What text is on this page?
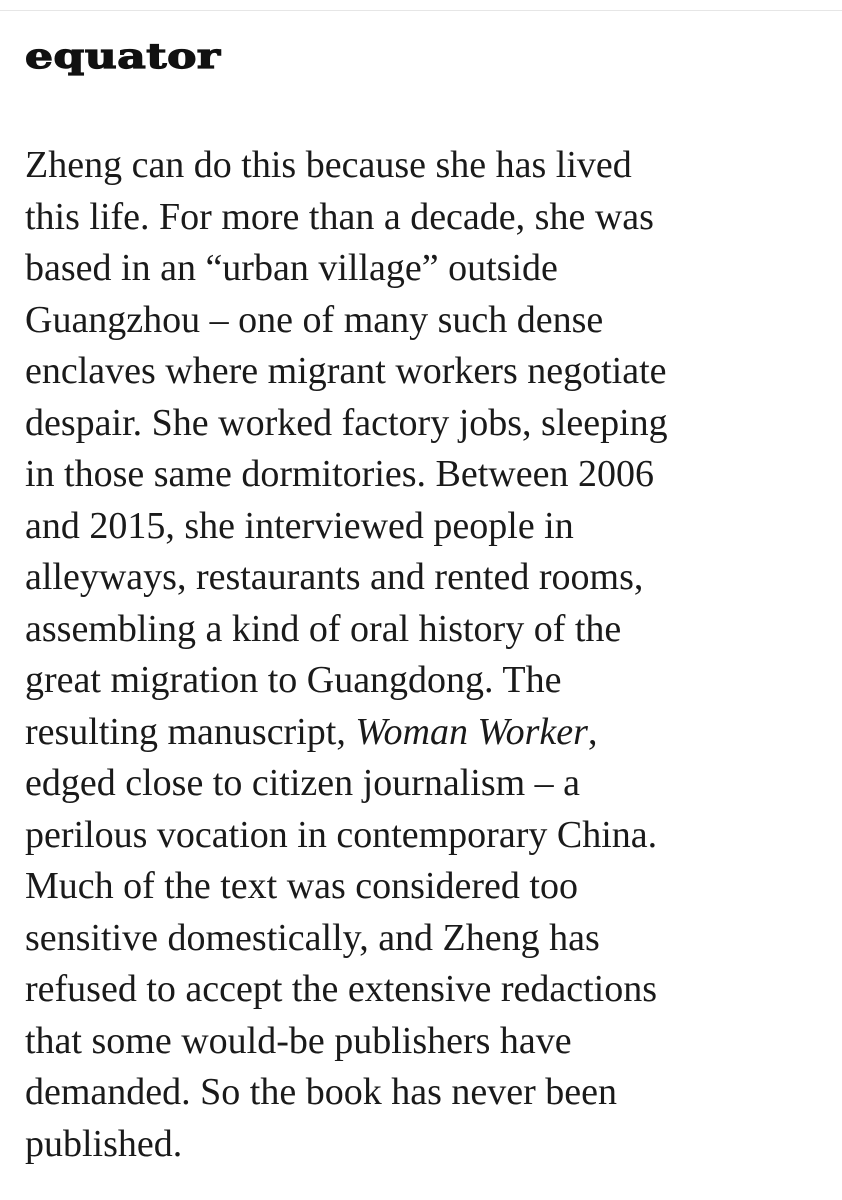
equator
Zheng can do this because she has lived
this life. For more than a decade, she was
based in an “urban village” outside
Guangzhou – one of many such dense
enclaves where migrant workers negotiate
despair. She worked factory jobs, sleeping
in those same dormitories. Between 2006
and 2015, she interviewed people in
alleyways, restaurants and rented rooms,
assembling a kind of oral history of the
great migration to Guangdong. The
resulting manuscript, Woman Worker,
edged close to citizen journalism – a
perilous vocation in contemporary China.
Much of the text was considered too
sensitive domestically, and Zheng has
refused to accept the extensive redactions
that some would-be publishers have
demanded. So the book has never been
published.
